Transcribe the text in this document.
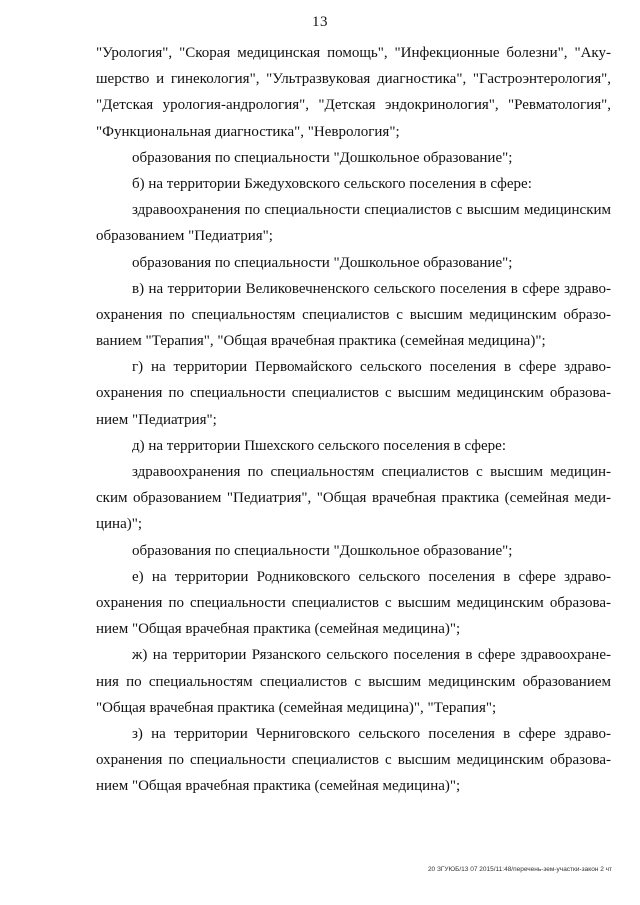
13
"Урология", "Скорая медицинская помощь", "Инфекционные болезни", "Аку-
шерство и гинекология", "Ультразвуковая диагностика", "Гастроэнтерология",
"Детская урология-андрология", "Детская эндокринология", "Ревматология",
"Функциональная диагностика", "Неврология";
образования по специальности "Дошкольное образование";
б) на территории Бжедуховского сельского поселения в сфере:
здравоохранения по специальности специалистов с высшим медицинским
образованием "Педиатрия";
образования по специальности "Дошкольное образование";
в) на территории Великовечненского сельского поселения в сфере здраво-
охранения по специальностям специалистов с высшим медицинским образо-
ванием "Терапия", "Общая врачебная практика (семейная медицина)";
г) на территории Первомайского сельского поселения в сфере здраво-
охранения по специальности специалистов с высшим медицинским образова-
нием "Педиатрия";
д) на территории Пшехского сельского поселения в сфере:
здравоохранения по специальностям специалистов с высшим медицин-
ским образованием "Педиатрия", "Общая врачебная практика (семейная меди-
цина)";
образования по специальности "Дошкольное образование";
е) на территории Родниковского сельского поселения в сфере здраво-
охранения по специальности специалистов с высшим медицинским образова-
нием "Общая врачебная практика (семейная медицина)";
ж) на территории Рязанского сельского поселения в сфере здравоохране-
ния по специальностям специалистов с высшим медицинским образованием
"Общая врачебная практика (семейная медицина)", "Терапия";
з) на территории Черниговского сельского поселения в сфере здраво-
охранения по специальности специалистов с высшим медицинским образова-
нием "Общая врачебная практика (семейная медицина)";
20 ЗГУЮБ/13 07 2015/11:48/перечень-зем-участки-закон 2 чт
